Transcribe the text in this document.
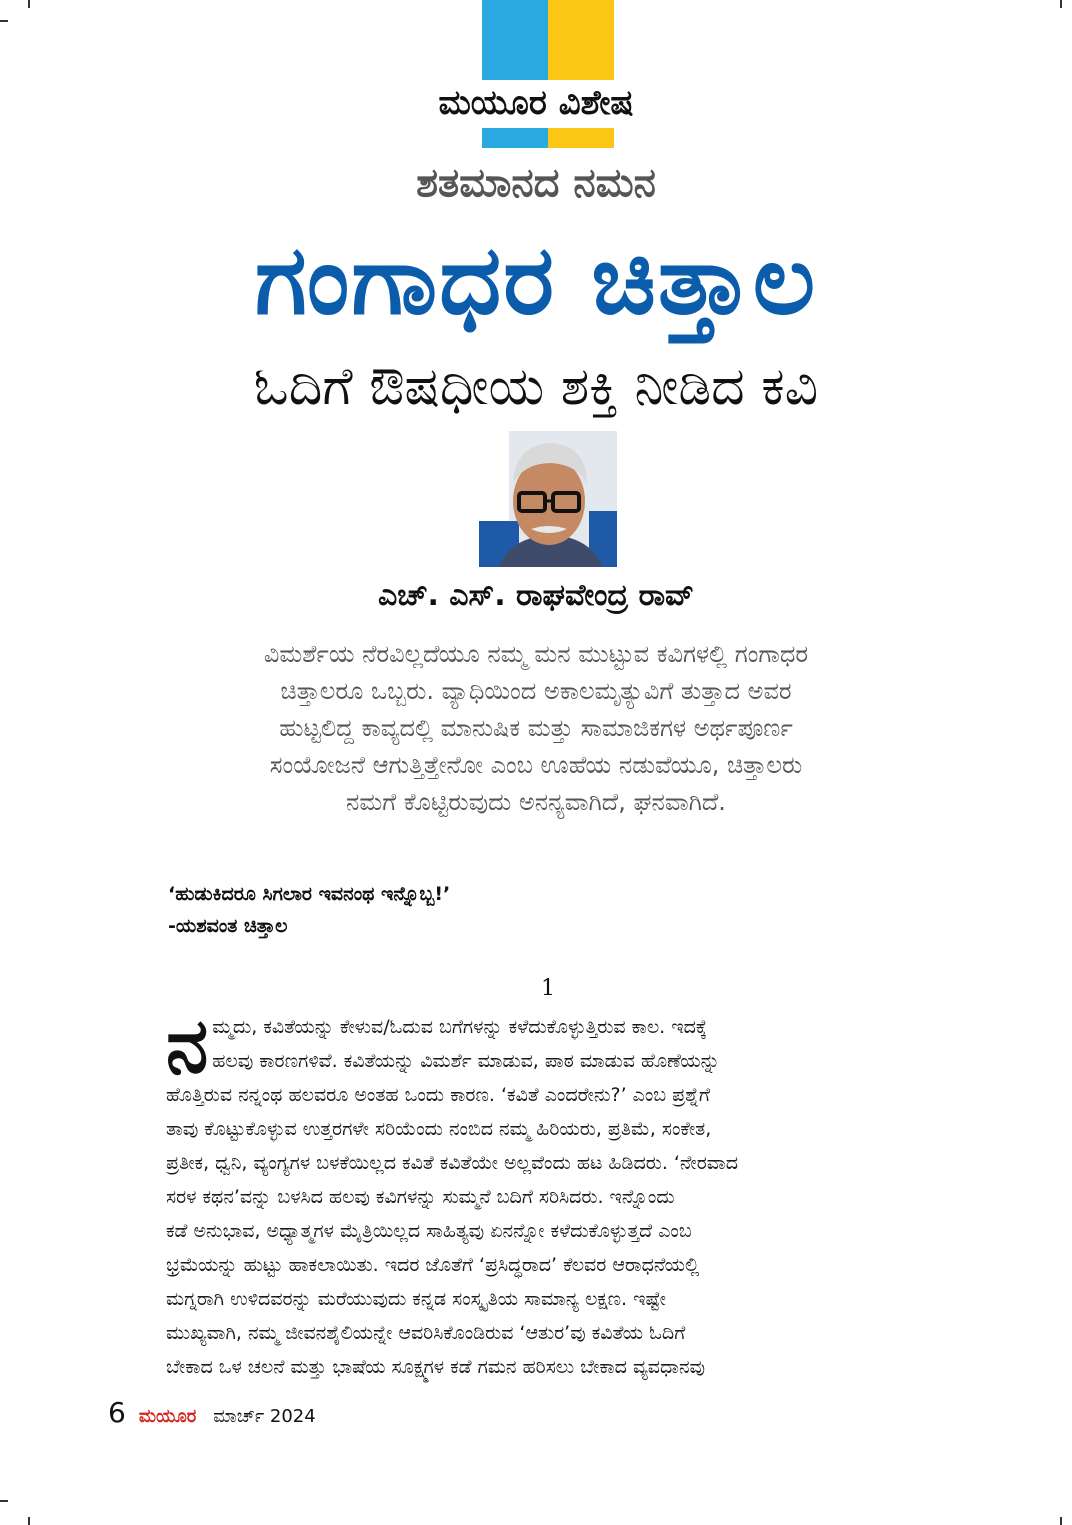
ಮಯೂರ ವಿಶೇಷ
ಶತಮಾನದ ನಮನ
ಗಂಗಾಧರ ಚಿತ್ತಾಲ
ಓದಿಗೆ ಔಷಧೀಯ ಶಕ್ತಿ ನೀಡಿದ ಕವಿ
ಎಚ್. ಎಸ್. ರಾಘವೇಂದ್ರ ರಾವ್
ವಿಮರ್ಶೆಯ ನೆರವಿಲ್ಲದೆಯೂ ನಮ್ಮ ಮನ ಮುಟ್ಟುವ ಕವಿಗಳಲ್ಲಿ ಗಂಗಾಧರ
ಚಿತ್ತಾಲರೂ ಒಬ್ಬರು. ವ್ಯಾಧಿಯಿಂದ ಅಕಾಲಮೃತ್ಯುವಿಗೆ ತುತ್ತಾದ ಅವರ
ಹುಟ್ಟಲಿದ್ದ ಕಾವ್ಯದಲ್ಲಿ ಮಾನುಷಿಕ ಮತ್ತು ಸಾಮಾಜಿಕಗಳ ಅರ್ಥಪೂರ್ಣ
ಸಂಯೋಜನೆ ಆಗುತ್ತಿತ್ತೇನೋ ಎಂಬ ಊಹೆಯ ನಡುವೆಯೂ, ಚಿತ್ತಾಲರು
ನಮಗೆ ಕೊಟ್ಟಿರುವುದು ಅನನ್ಯವಾಗಿದೆ, ಘನವಾಗಿದೆ.
‘ಹುಡುಕಿದರೂ ಸಿಗಲಾರ ಇವನಂಥ ಇನ್ನೊಬ್ಬ!’
-ಯಶವಂತ ಚಿತ್ತಾಲ
1
ನ ಮ್ಮದು, ಕವಿತೆಯನ್ನು ಕೇಳುವ/ಓದುವ ಬಗೆಗಳನ್ನು ಕಳೆದುಕೊಳ್ಳುತ್ತಿರುವ ಕಾಲ. ಇದಕ್ಕೆ
ಹಲವು ಕಾರಣಗಳಿವೆ. ಕವಿತೆಯನ್ನು ವಿಮರ್ಶೆ ಮಾಡುವ, ಪಾಠ ಮಾಡುವ ಹೊಣೆಯನ್ನು
ಹೊತ್ತಿರುವ ನನ್ನಂಥ ಹಲವರೂ ಅಂತಹ ಒಂದು ಕಾರಣ. ‘ಕವಿತೆ ಎಂದರೇನು?’ ಎಂಬ ಪ್ರಶ್ನೆಗೆ
ತಾವು ಕೊಟ್ಟುಕೊಳ್ಳುವ ಉತ್ತರಗಳೇ ಸರಿಯೆಂದು ನಂಬಿದ ನಮ್ಮ ಹಿರಿಯರು, ಪ್ರತಿಮೆ, ಸಂಕೇತ,
ಪ್ರತೀಕ, ಧ್ವನಿ, ವ್ಯಂಗ್ಯಗಳ ಬಳಕೆಯಿಲ್ಲದ ಕವಿತೆ ಕವಿತೆಯೇ ಅಲ್ಲವೆಂದು ಹಟ ಹಿಡಿದರು. ‘ನೇರವಾದ
ಸರಳ ಕಥನ’ವನ್ನು ಬಳಸಿದ ಹಲವು ಕವಿಗಳನ್ನು ಸುಮ್ಮನೆ ಬದಿಗೆ ಸರಿಸಿದರು. ಇನ್ನೊಂದು
ಕಡೆ ಅನುಭಾವ, ಅಧ್ಯಾತ್ಮಗಳ ಮೈತ್ರಿಯಿಲ್ಲದ ಸಾಹಿತ್ಯವು ಏನನ್ನೋ ಕಳೆದುಕೊಳ್ಳುತ್ತದೆ ಎಂಬ
ಭ್ರಮೆಯನ್ನು ಹುಟ್ಟು ಹಾಕಲಾಯಿತು. ಇದರ ಜೊತೆಗೆ ‘ಪ್ರಸಿದ್ಧರಾದ’ ಕೆಲವರ ಆರಾಧನೆಯಲ್ಲಿ
ಮಗ್ನರಾಗಿ ಉಳಿದವರನ್ನು ಮರೆಯುವುದು ಕನ್ನಡ ಸಂಸ್ಕೃತಿಯ ಸಾಮಾನ್ಯ ಲಕ್ಷಣ. ಇಷ್ಟೇ
ಮುಖ್ಯವಾಗಿ, ನಮ್ಮ ಜೀವನಶೈಲಿಯನ್ನೇ ಆವರಿಸಿಕೊಂಡಿರುವ ‘ಆತುರ’ವು ಕವಿತೆಯ ಓದಿಗೆ
ಬೇಕಾದ ಒಳ ಚಲನೆ ಮತ್ತು ಭಾಷೆಯ ಸೂಕ್ಷ್ಮಗಳ ಕಡೆ ಗಮನ ಹರಿಸಲು ಬೇಕಾದ ವ್ಯವಧಾನವು
6 ಮಯೂರ ಮಾರ್ಚ್ 2024
